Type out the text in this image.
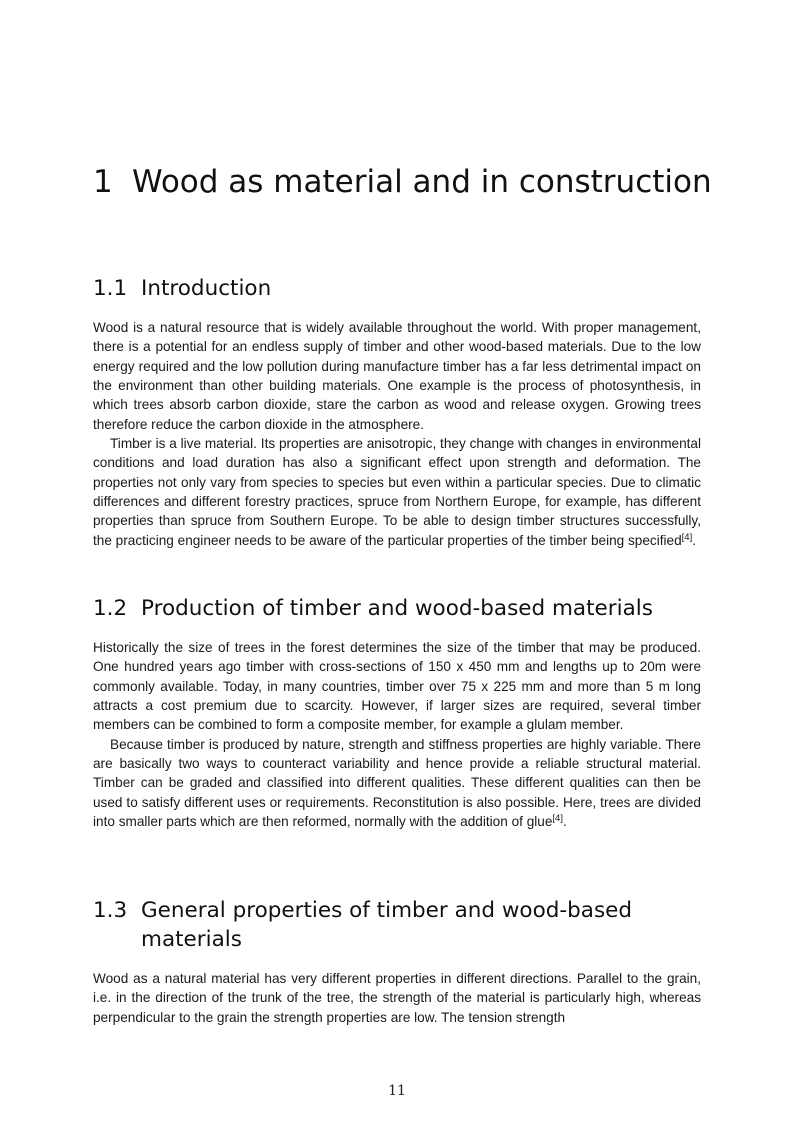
1 Wood as material and in construction
1.1 Introduction

Wood is a natural resource that is widely available throughout the world. With proper management, there is a potential for an endless supply of timber and other wood-based materials. Due to the low energy required and the low pollution during manufacture timber has a far less detrimental impact on the environment than other building materials. One example is the process of photosynthesis, in which trees absorb carbon dioxide, stare the carbon as wood and release oxygen. Growing trees therefore reduce the carbon dioxide in the atmosphere.

Timber is a live material. Its properties are anisotropic, they change with changes in environmental conditions and load duration has also a significant effect upon strength and deformation. The properties not only vary from species to species but even within a particular species. Due to climatic differences and different forestry practices, spruce from Northern Europe, for example, has different properties than spruce from Southern Europe. To be able to design timber structures successfully, the practicing engineer needs to be aware of the particular properties of the timber being specified[4].

1.2 Production of timber and wood-based materials

Historically the size of trees in the forest determines the size of the timber that may be produced. One hundred years ago timber with cross-sections of 150 x 450 mm and lengths up to 20m were commonly available. Today, in many countries, timber over 75 x 225 mm and more than 5 m long attracts a cost premium due to scarcity. However, if larger sizes are required, several timber members can be combined to form a composite member, for example a glulam member.

Because timber is produced by nature, strength and stiffness properties are highly variable. There are basically two ways to counteract variability and hence provide a reliable structural material. Timber can be graded and classified into different qualities. These different qualities can then be used to satisfy different uses or requirements. Reconstitution is also possible. Here, trees are divided into smaller parts which are then reformed, normally with the addition of glue[4].

1.3 General properties of timber and wood-based materials

Wood as a natural material has very different properties in different directions. Parallel to the grain, i.e. in the direction of the trunk of the tree, the strength of the material is particularly high, whereas perpendicular to the grain the strength properties are low. The tension strength

11
